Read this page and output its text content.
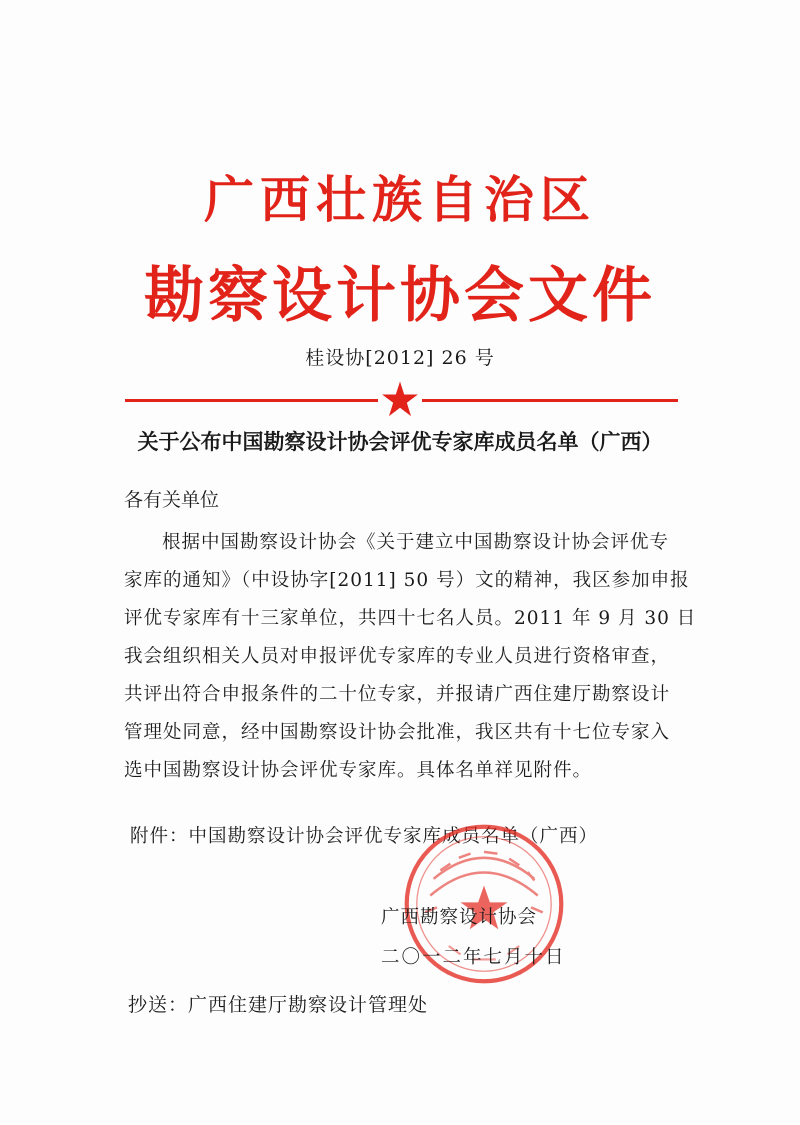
广西壮族自治区
勘察设计协会文件
桂设协[2012] 26 号
关于公布中国勘察设计协会评优专家库成员名单（广西）
各有关单位
根据中国勘察设计协会《关于建立中国勘察设计协会评优专
家库的通知》（中设协字[2011] 50 号）文的精神，我区参加申报
评优专家库有十三家单位，共四十七名人员。2011 年 9 月 30 日
我会组织相关人员对申报评优专家库的专业人员进行资格审查，
共评出符合申报条件的二十位专家，并报请广西住建厅勘察设计
管理处同意，经中国勘察设计协会批准，我区共有十七位专家入
选中国勘察设计协会评优专家库。具体名单祥见附件。
附件：中国勘察设计协会评优专家库成员名单（广西）
广西勘察设计协会
二〇一二年七月十日
抄送：广西住建厅勘察设计管理处
